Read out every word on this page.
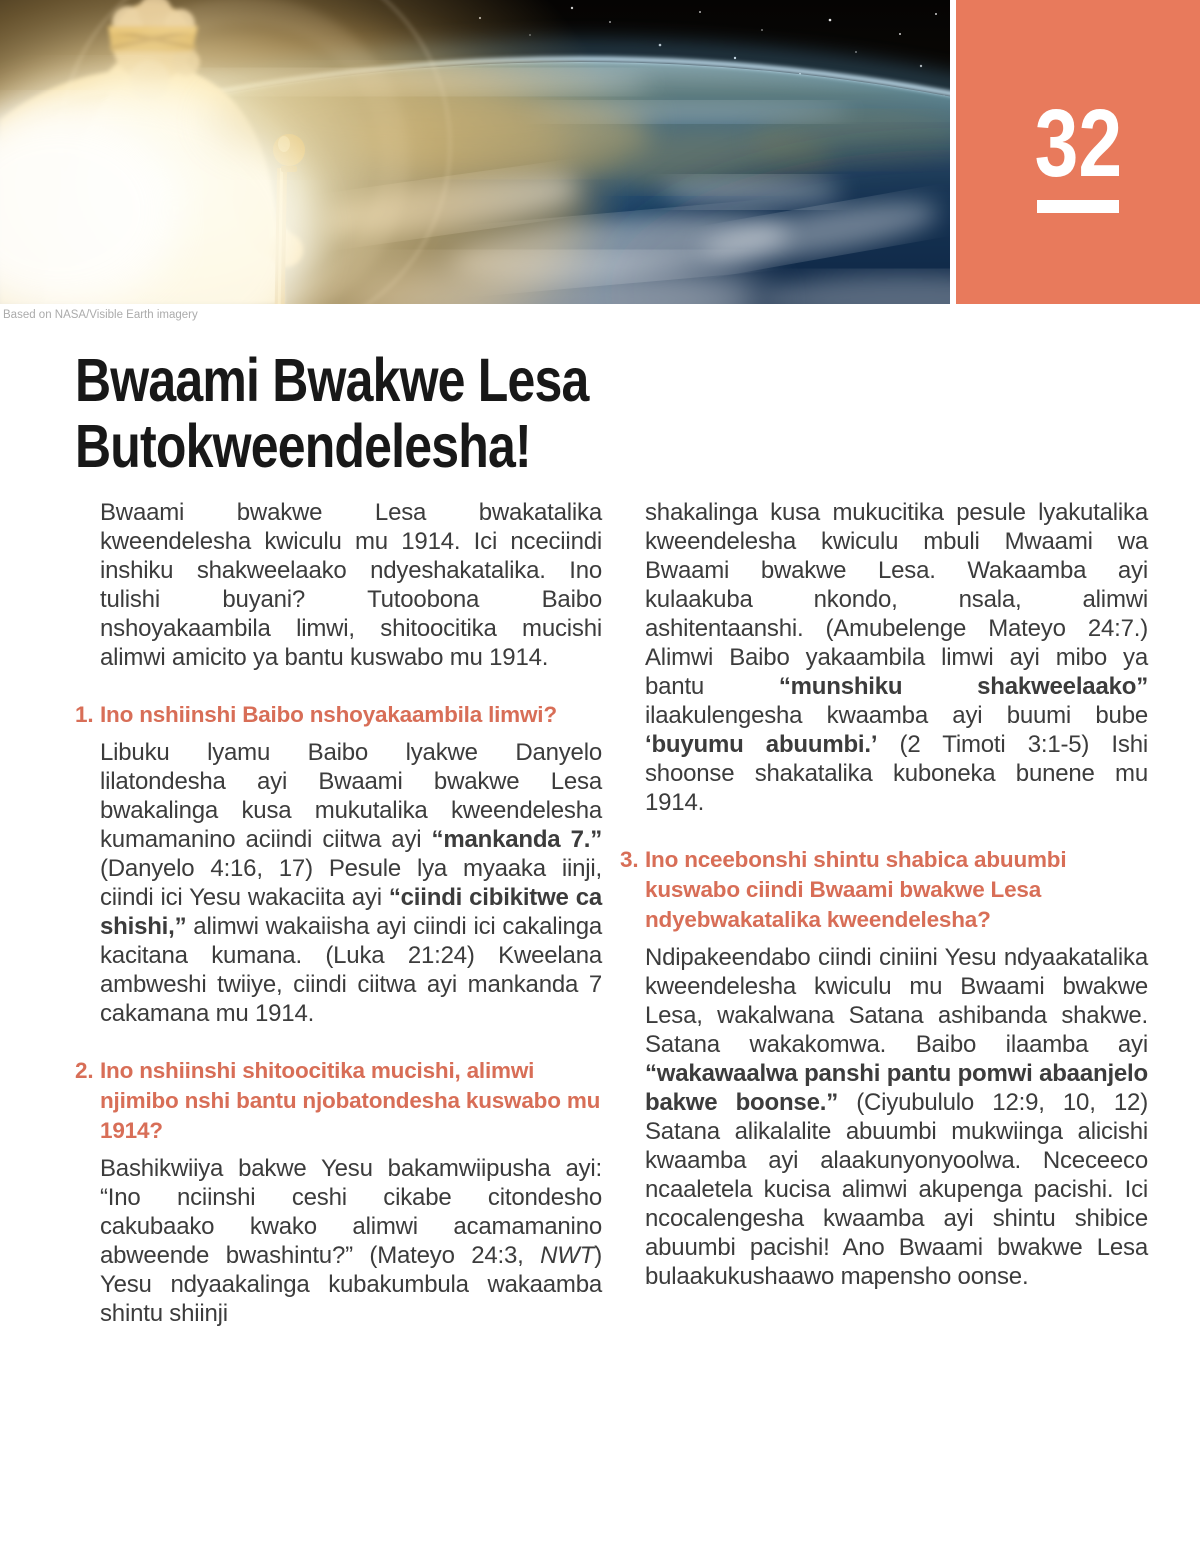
32
Based on NASA/Visible Earth imagery
Bwaami Bwakwe Lesa
Butokweendelesha!

Bwaami bwakwe Lesa bwakatalika kweendelesha kwiculu mu 1914. Ici nceciindi inshiku shakweelaako ndyeshakatalika. Ino tulishi buyani? Tutoobona Baibo nshoyakaambila limwi, shitoocitika mucishi alimwi amicito ya bantu kuswabo mu 1914.

1. Ino nshiinshi Baibo nshoyakaambila limwi?

Libuku lyamu Baibo lyakwe Danyelo lilatondesha ayi Bwaami bwakwe Lesa bwakalinga kusa mukutalika kweendelesha kumamanino aciindi ciitwa ayi “mankanda 7.” (Danyelo 4:16, 17) Pesule lya myaaka iinji, ciindi ici Yesu wakaciita ayi “ciindi cibikitwe ca shishi,” alimwi wakaiisha ayi ciindi ici cakalinga kacitana kumana. (Luka 21:24) Kweelana ambweshi twiiye, ciindi ciitwa ayi mankanda 7 cakamana mu 1914.

2. Ino nshiinshi shitoocitika mucishi, alimwi njimibo nshi bantu njobatondesha kuswabo mu 1914?

Bashikwiiya bakwe Yesu bakamwiipusha ayi: “Ino nciinshi ceshi cikabe citondesho cakubaako kwako alimwi acamamanino abweende bwashintu?” (Mateyo 24:3, NWT) Yesu ndyaakalinga kubakumbula wakaamba shintu shiinji

shakalinga kusa mukucitika pesule lyakutalika kweendelesha kwiculu mbuli Mwaami wa Bwaami bwakwe Lesa. Wakaamba ayi kulaakuba nkondo, nsala, alimwi ashitentaanshi. (Amubelenge Mateyo 24:7.) Alimwi Baibo yakaambila limwi ayi mibo ya bantu “munshiku shakweelaako” ilaakulengesha kwaamba ayi buumi bube ‘buyumu abuumbi.’ (2 Timoti 3:1-5) Ishi shoonse shakatalika kuboneka bunene mu 1914.

3. Ino nceebonshi shintu shabica abuumbi kuswabo ciindi Bwaami bwakwe Lesa ndyebwakatalika kweendelesha?

Ndipakeendabo ciindi ciniini Yesu ndyaakatalika kweendelesha kwiculu mu Bwaami bwakwe Lesa, wakalwana Satana ashibanda shakwe. Satana wakakomwa. Baibo ilaamba ayi “wakawaalwa panshi pantu pomwi abaanjelo bakwe boonse.” (Ciyubululo 12:9, 10, 12) Satana alikalalite abuumbi mukwiinga alicishi kwaamba ayi alaakunyonyoolwa. Nceceeco ncaaletela kucisa alimwi akupenga pacishi. Ici ncocalengesha kwaamba ayi shintu shibice abuumbi pacishi! Ano Bwaami bwakwe Lesa bulaakukushaawo mapensho oonse.
